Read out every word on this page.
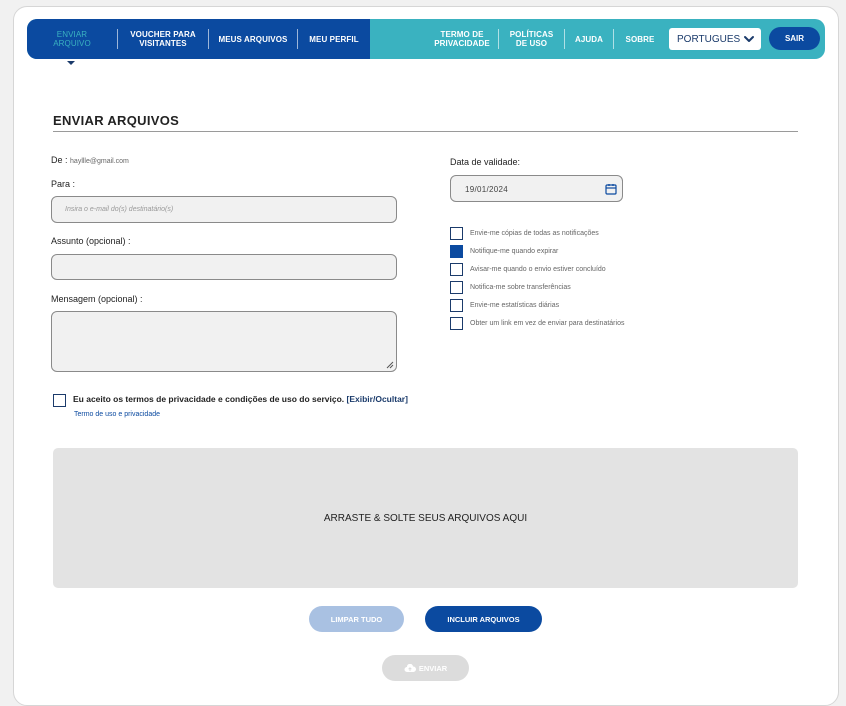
ENVIAR
ARQUIVO
VOUCHER PARA
VISITANTES	MEUS ARQUIVOS	MEU PERFIL	TERMO DE
PRIVACIDADE
POLÍTICAS
DE USO	AJUDA	SOBRE PORTUGUES	SAIR
ENVIAR ARQUIVOS
De : hayllle@gmail.com
Para :
Insira o e-mail do(s) destinatário(s)
Assunto (opcional) :
Mensagem (opcional) :
Data de validade:
19/01/2024
Envie-me cópias de todas as notificações
Notifique-me quando expirar
Avisar-me quando o envio estiver concluído
Notifica-me sobre transferências
Envie-me estatísticas diárias
Obter um link em vez de enviar para destinatários
Eu aceito os termos de privacidade e condições de uso do serviço. [Exibir/Ocultar]
Termo de uso e privacidade
ARRASTE & SOLTE SEUS ARQUIVOS AQUI
LIMPAR TUDO	INCLUIR ARQUIVOS
ENVIAR
